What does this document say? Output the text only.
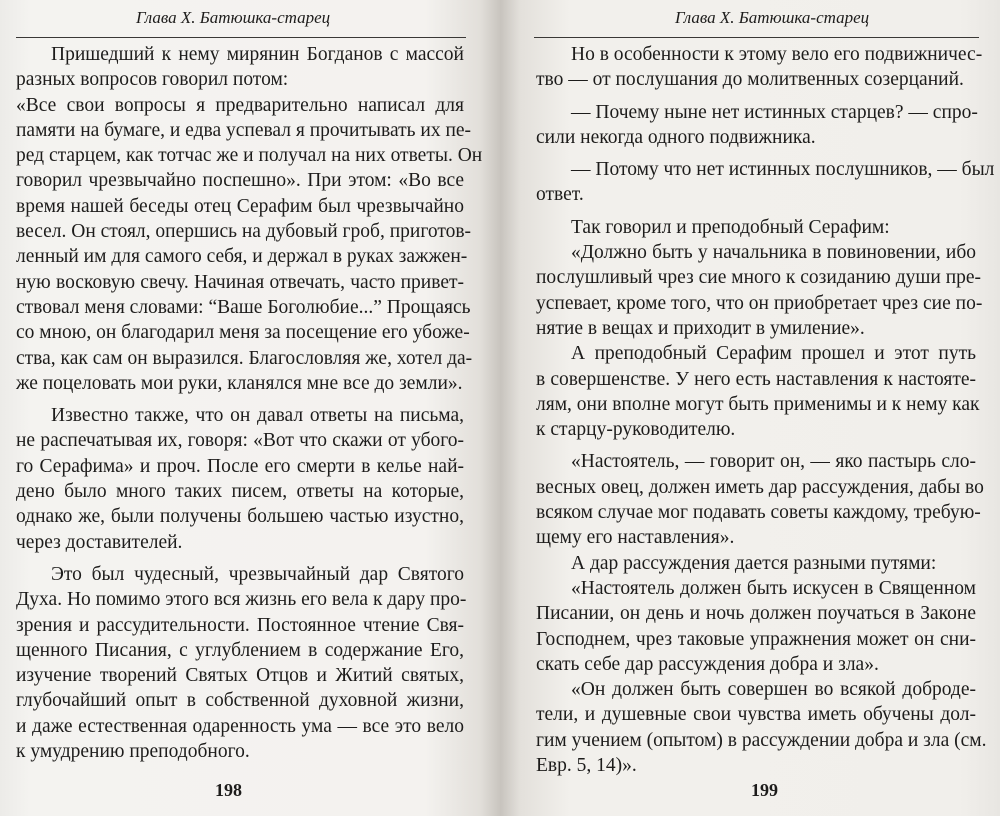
Глава X. Батюшка-старец
Пришедший к нему мирянин Богданов с массой
разных вопросов говорил потом:
«Все свои вопросы я предварительно написал для
памяти на бумаге, и едва успевал я прочитывать их пе-
ред старцем, как тотчас же и получал на них ответы. Он
говорил чрезвычайно поспешно». При этом: «Во все
время нашей беседы отец Серафим был чрезвычайно
весел. Он стоял, опершись на дубовый гроб, приготов-
ленный им для самого себя, и держал в руках зажжен-
ную восковую свечу. Начиная отвечать, часто привет-
ствовал меня словами: “Ваше Боголюбие...” Прощаясь
со мною, он благодарил меня за посещение его убоже-
ства, как сам он выразился. Благословляя же, хотел да-
же поцеловать мои руки, кланялся мне все до земли».
Известно также, что он давал ответы на письма,
не распечатывая их, говоря: «Вот что скажи от убого-
го Серафима» и проч. После его смерти в келье най-
дено было много таких писем, ответы на которые,
однако же, были получены большею частью изустно,
через доставителей.
Это был чудесный, чрезвычайный дар Святого
Духа. Но помимо этого вся жизнь его вела к дару про-
зрения и рассудительности. Постоянное чтение Свя-
щенного Писания, с углублением в содержание Его,
изучение творений Святых Отцов и Житий святых,
глубочайший опыт в собственной духовной жизни,
и даже естественная одаренность ума — все это вело
к умудрению преподобного.
198
Глава X. Батюшка-старец
Но в особенности к этому вело его подвижничес-
тво — от послушания до молитвенных созерцаний.
— Почему ныне нет истинных старцев? — спро-
сили некогда одного подвижника.
— Потому что нет истинных послушников, — был
ответ.
Так говорил и преподобный Серафим:
«Должно быть у начальника в повиновении, ибо
послушливый чрез сие много к созиданию души пре-
успевает, кроме того, что он приобретает чрез сие по-
нятие в вещах и приходит в умиление».
А преподобный Серафим прошел и этот путь
в совершенстве. У него есть наставления к настояте-
лям, они вполне могут быть применимы и к нему как
к старцу-руководителю.
«Настоятель, — говорит он, — яко пастырь сло-
весных овец, должен иметь дар рассуждения, дабы во
всяком случае мог подавать советы каждому, требую-
щему его наставления».
А дар рассуждения дается разными путями:
«Настоятель должен быть искусен в Священном
Писании, он день и ночь должен поучаться в Законе
Господнем, чрез таковые упражнения может он сни-
скать себе дар рассуждения добра и зла».
«Он должен быть совершен во всякой доброде-
тели, и душевные свои чувства иметь обучены дол-
гим учением (опытом) в рассуждении добра и зла (см.
Евр. 5, 14)».
199
